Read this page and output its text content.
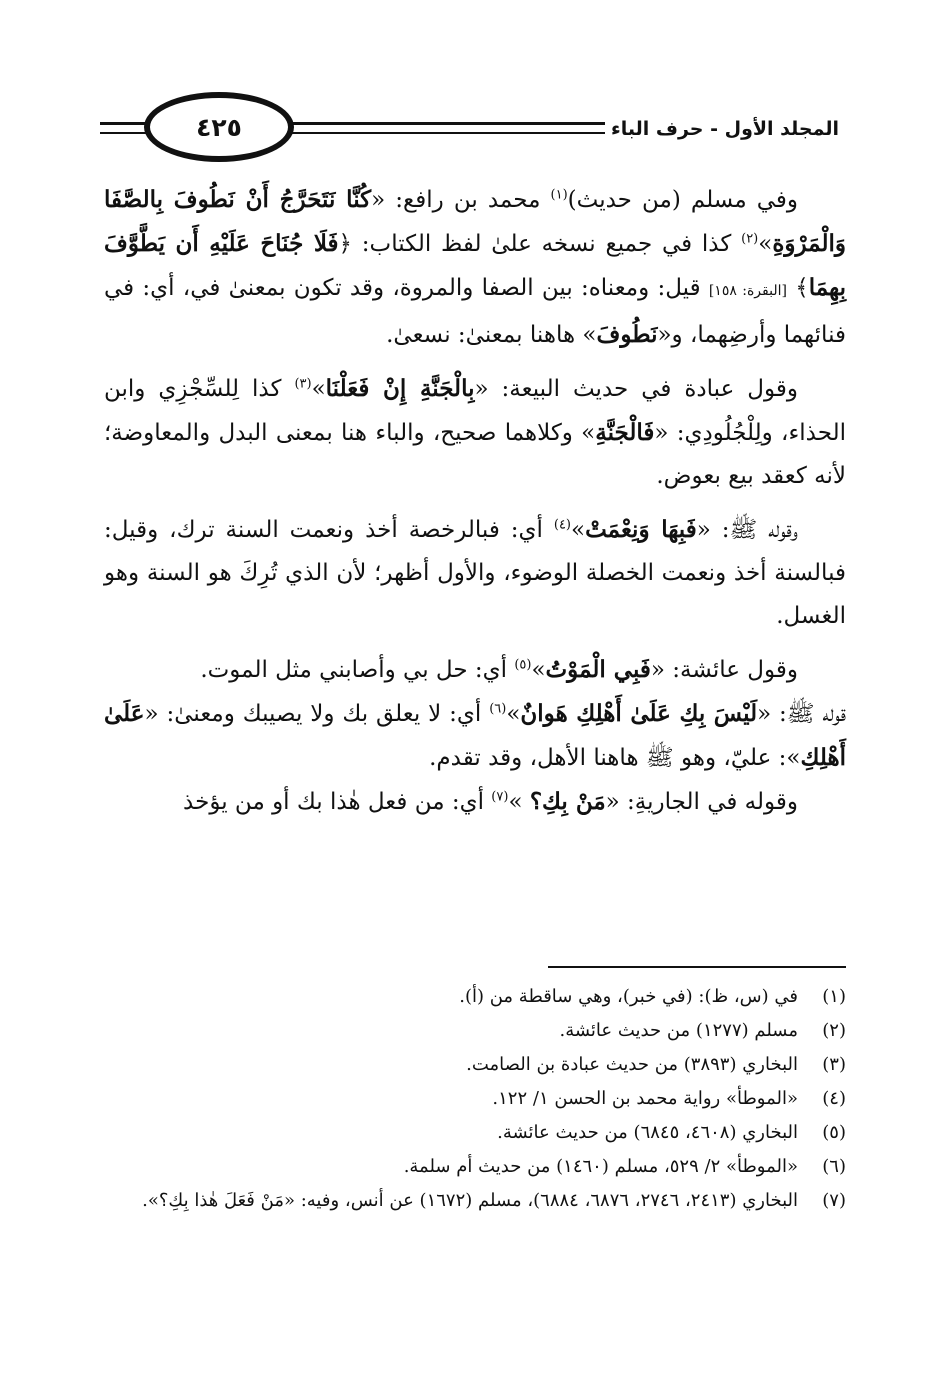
٤٢٥	المجلد الأول - حرف الباء

وفي مسلم (من حديث)$^{(١)}$ محمد بن رافع: «كُنَّا نَتَحَرَّجُ أَنْ نَطُوفَ بِالصَّفَا وَالْمَرْوَةِ»$^{(٢)}$ كذا في جميع نسخه علىٰ لفظ الكتاب: ﴿فَلَا جُنَاحَ عَلَيْهِ أَن يَطَّوَّفَ بِهِمَا﴾ [البقرة: ١٥٨] قيل: ومعناه: بين الصفا والمروة، وقد تكون بمعنىٰ في، أي: في فنائهما وأرضِهما، و«نَطُوفَ» هاهنا بمعنىٰ: نسعىٰ.

وقول عبادة في حديث البيعة: «بِالْجَنَّةِ إِنْ فَعَلْنَا»$^{(٣)}$ كذا لِلسِّجْزِي وابن الحذاء، ولِلْجُلُودِي: «فَالْجَنَّةِ» وكلاهما صحيح، والباء هنا بمعنى البدل والمعاوضة؛ لأنه كعقد بيع بعوض.

وقوله ﷺ: «فَبِهَا وَنِعْمَتْ»$^{(٤)}$ أي: فبالرخصة أخذ ونعمت السنة ترك، وقيل: فبالسنة أخذ ونعمت الخصلة الوضوء، والأول أظهر؛ لأن الذي تُرِكَ هو السنة وهو الغسل.

وقول عائشة: «فَبِي الْمَوْتُ»$^{(٥)}$ أي: حل بي وأصابني مثل الموت.

قوله ﷺ: «لَيْسَ بِكِ عَلَىٰ أَهْلِكِ هَوانٌ»$^{(٦)}$ أي: لا يعلق بك ولا يصيبك ومعنىٰ: «عَلَىٰ أَهْلِكِ»: عليّ، وهو ﷺ هاهنا الأهل، وقد تقدم.

وقوله في الجاريةِ: «مَنْ بِكِ؟ »$^{(٧)}$ أي: من فعل هٰذا بك أو من يؤخذ

(١)
في (س، ظ): (في خبر)، وهي ساقطة من (أ).
(٢)
مسلم (١٢٧٧) من حديث عائشة.
(٣)
البخاري (٣٨٩٣) من حديث عبادة بن الصامت.
(٤)
«الموطأ» رواية محمد بن الحسن ١/ ١٢٢.
(٥)
البخاري (٤٦٠٨، ٦٨٤٥) من حديث عائشة.
(٦)
«الموطأ» ٢/ ٥٢٩، مسلم (١٤٦٠) من حديث أم سلمة.
(٧)
البخاري (٢٤١٣، ٢٧٤٦، ٦٨٧٦، ٦٨٨٤)، مسلم (١٦٧٢) عن أنس، وفيه: «مَنْ فَعَلَ هٰذا بِكِ؟».
